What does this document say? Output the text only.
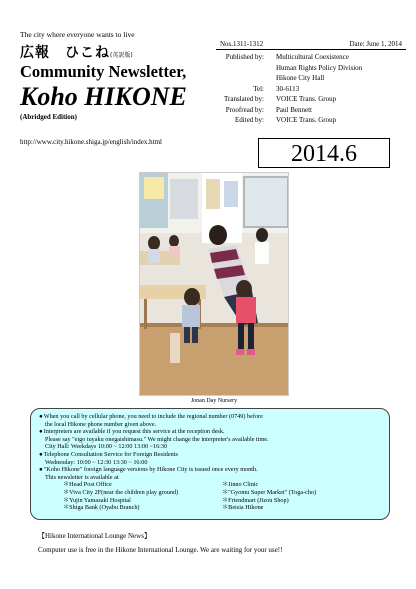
The city where everyone wants to live
広報　ひこね(英訳版)
Community Newsletter,
Koho HIKONE
(Abridged Edition)
http://www.city.hikone.shiga.jp/english/index.html
Nos.1311-1312	Date: June 1, 2014
Published by:	Multicultural Coexistence
Human Rights Policy Division
Hikone City Hall
Tel:	30-6113
Translated by:	VOICE Trans. Group
Proofread by:	Paul Bennett
Edited by:	VOICE Trans. Group
2014.6
Jonan Day Nursery

● When you call by cellular phone, you need to include the regional number (0749) before

the local Hikone phone number given above.

● Interpreters are available if you request this service at the reception desk.

Please say "eigo tuyaku onegaishimasu." We might change the interpreter's available time.

City Hall: Weekdays 10:00 ~ 12:00 13:00 ~16:30

● Telephone Consultation Service for Foreign Residents

Wednesday: 10:00 ~ 12:30 13:30 ~ 16:00

● "Koho Hikone" foreign language versions by Hikone City is issued once every month.

This newsletter is available at

＊Head Post Office

＊Viva City 2F(near the children play ground)

＊Yujin Yamazaki Hospital

＊Shiga Bank (Oyabu Branch)

＊Jinno Clinic

＊"Gyomu Super Market" (Toga-cho)

＊Friendmart (Jizou Shop)

＊Beisia Hikone

【Hikone International Lounge News】
Computer use is free in the Hikone International Lounge. We are waiting for your use!!
